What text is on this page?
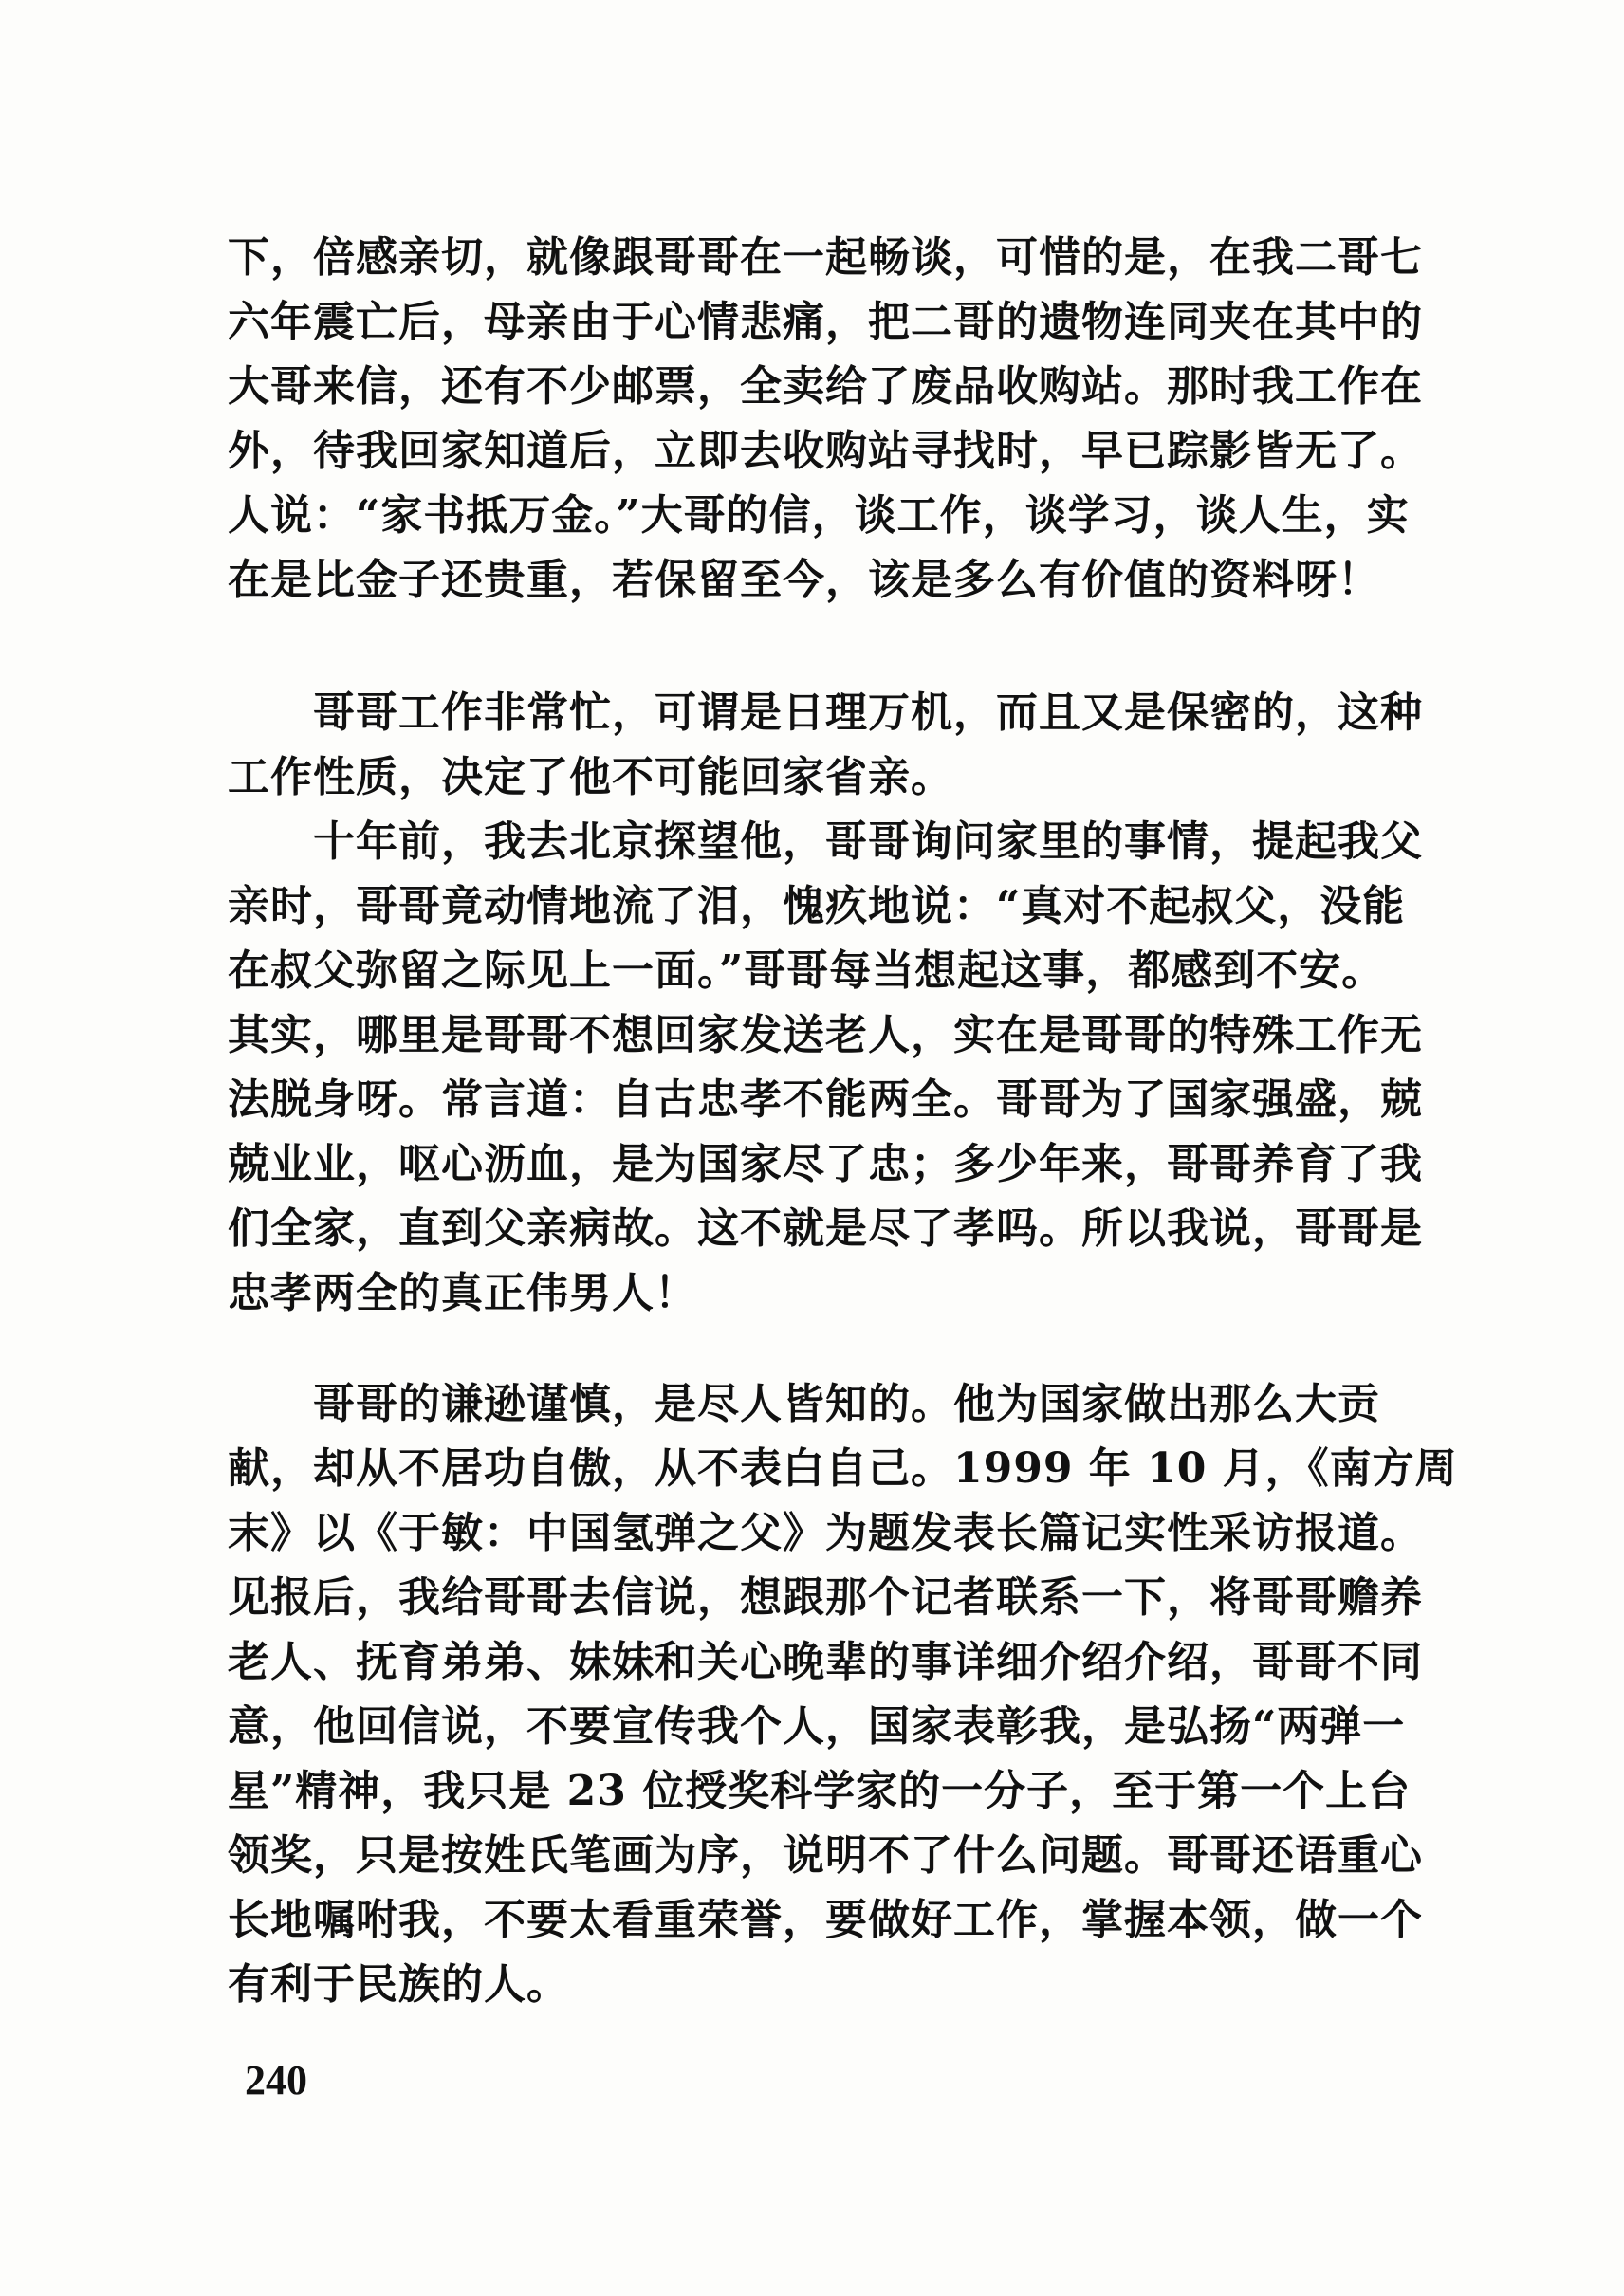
下，倍感亲切，就像跟哥哥在一起畅谈，可惜的是，在我二哥七
六年震亡后，母亲由于心情悲痛，把二哥的遗物连同夹在其中的
大哥来信，还有不少邮票，全卖给了废品收购站。那时我工作在
外，待我回家知道后，立即去收购站寻找时，早已踪影皆无了。
人说：“家书抵万金。”大哥的信，谈工作，谈学习，谈人生，实
在是比金子还贵重，若保留至今，该是多么有价值的资料呀！
　　哥哥工作非常忙，可谓是日理万机，而且又是保密的，这种
工作性质，决定了他不可能回家省亲。
　　十年前，我去北京探望他，哥哥询问家里的事情，提起我父
亲时，哥哥竟动情地流了泪，愧疚地说：“真对不起叔父，没能
在叔父弥留之际见上一面。”哥哥每当想起这事，都感到不安。
其实，哪里是哥哥不想回家发送老人，实在是哥哥的特殊工作无
法脱身呀。常言道：自古忠孝不能两全。哥哥为了国家强盛，兢
兢业业，呕心沥血，是为国家尽了忠；多少年来，哥哥养育了我
们全家，直到父亲病故。这不就是尽了孝吗。所以我说，哥哥是
忠孝两全的真正伟男人！
　　哥哥的谦逊谨慎，是尽人皆知的。他为国家做出那么大贡
献，却从不居功自傲，从不表白自己。1999 年 10 月，《南方周
末》以《于敏：中国氢弹之父》为题发表长篇记实性采访报道。
见报后，我给哥哥去信说，想跟那个记者联系一下，将哥哥赡养
老人、抚育弟弟、妹妹和关心晚辈的事详细介绍介绍，哥哥不同
意，他回信说，不要宣传我个人，国家表彰我，是弘扬“两弹一
星”精神，我只是 23 位授奖科学家的一分子，至于第一个上台
领奖，只是按姓氏笔画为序，说明不了什么问题。哥哥还语重心
长地嘱咐我，不要太看重荣誉，要做好工作，掌握本领，做一个
有利于民族的人。
240
